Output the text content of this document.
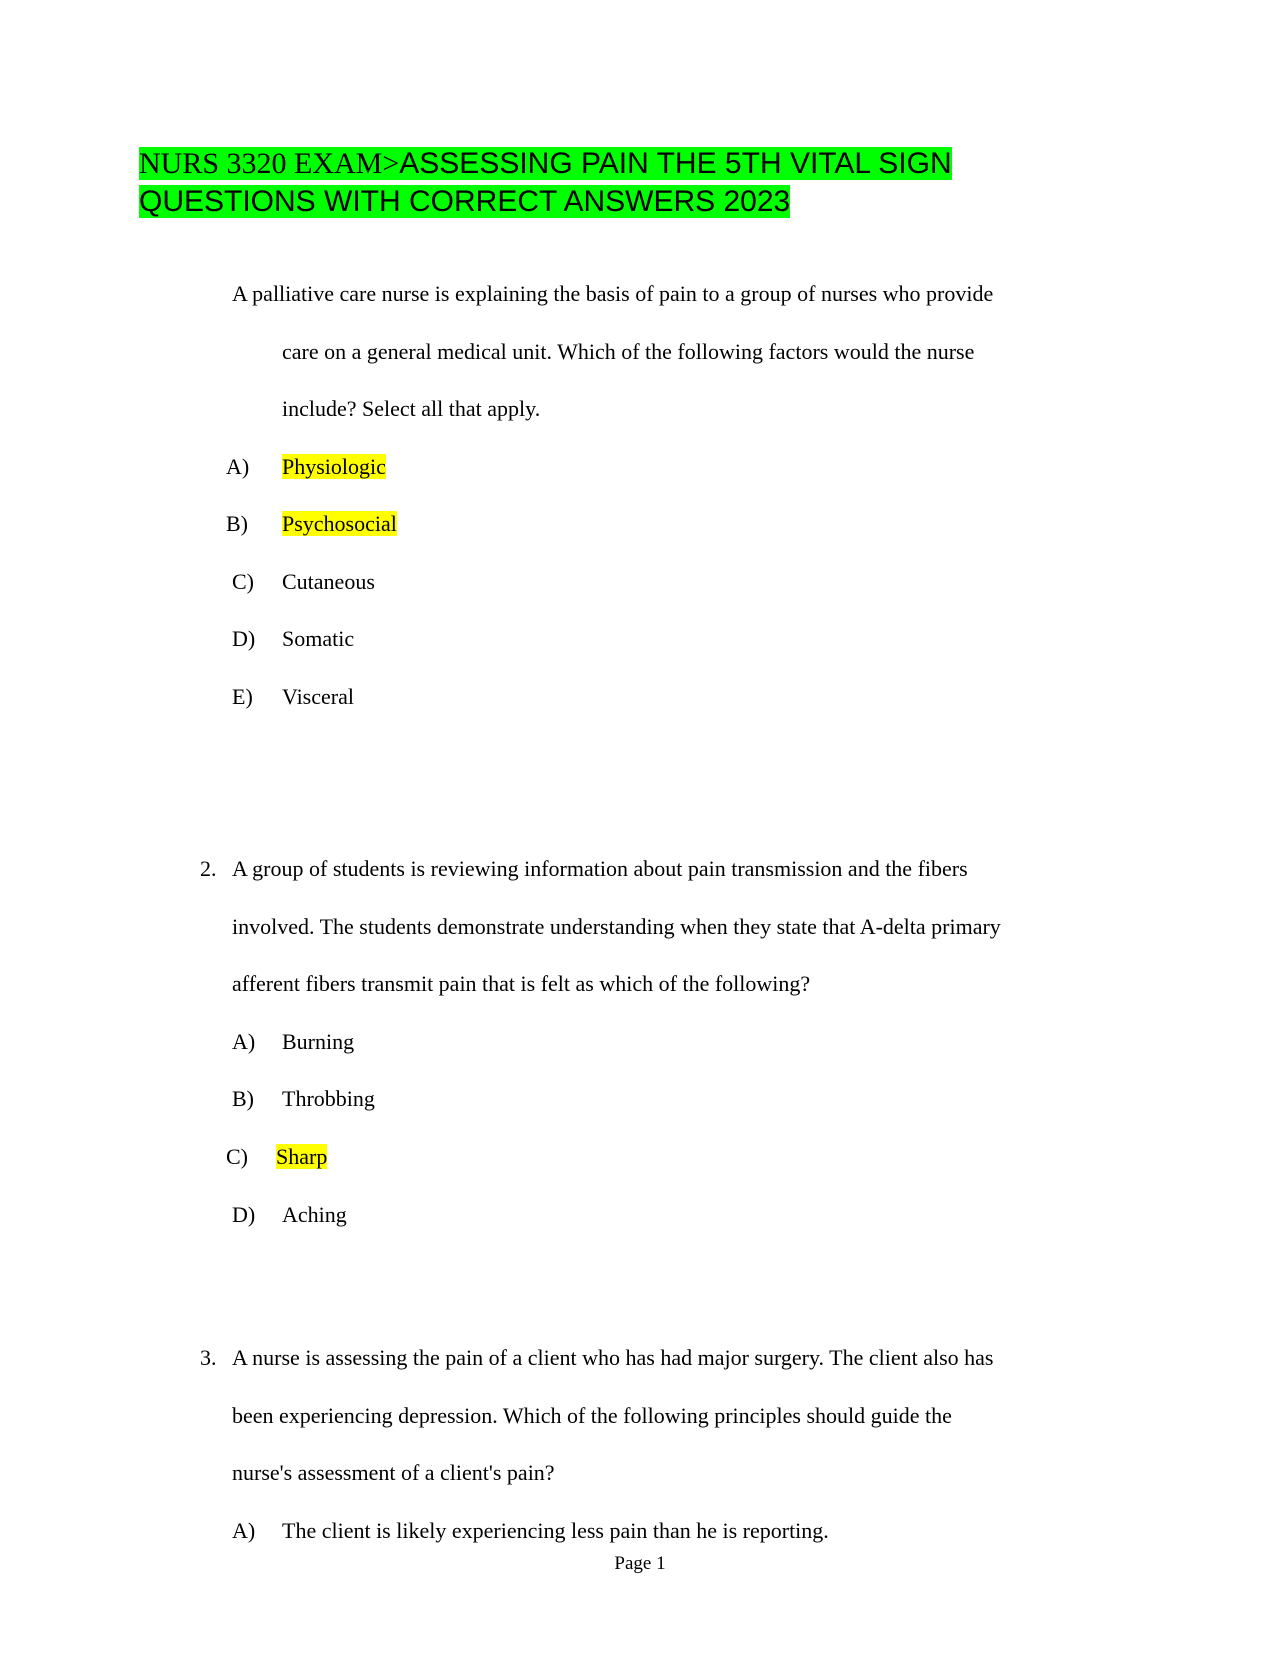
NURS 3320 EXAM>ASSESSING PAIN THE 5TH VITAL SIGN
QUESTIONS WITH CORRECT ANSWERS 2023
A palliative care nurse is explaining the basis of pain to a group of nurses who provide
care on a general medical unit. Which of the following factors would the nurse
include? Select all that apply.
A) Physiologic
B) Psychosocial
C) Cutaneous
D) Somatic
E) Visceral
2. A group of students is reviewing information about pain transmission and the fibers
involved. The students demonstrate understanding when they state that A-delta primary
afferent fibers transmit pain that is felt as which of the following?
A) Burning
B) Throbbing
C) Sharp
D) Aching
3. A nurse is assessing the pain of a client who has had major surgery. The client also has
been experiencing depression. Which of the following principles should guide the
nurse's assessment of a client's pain?
A) The client is likely experiencing less pain than he is reporting.
Page 1
